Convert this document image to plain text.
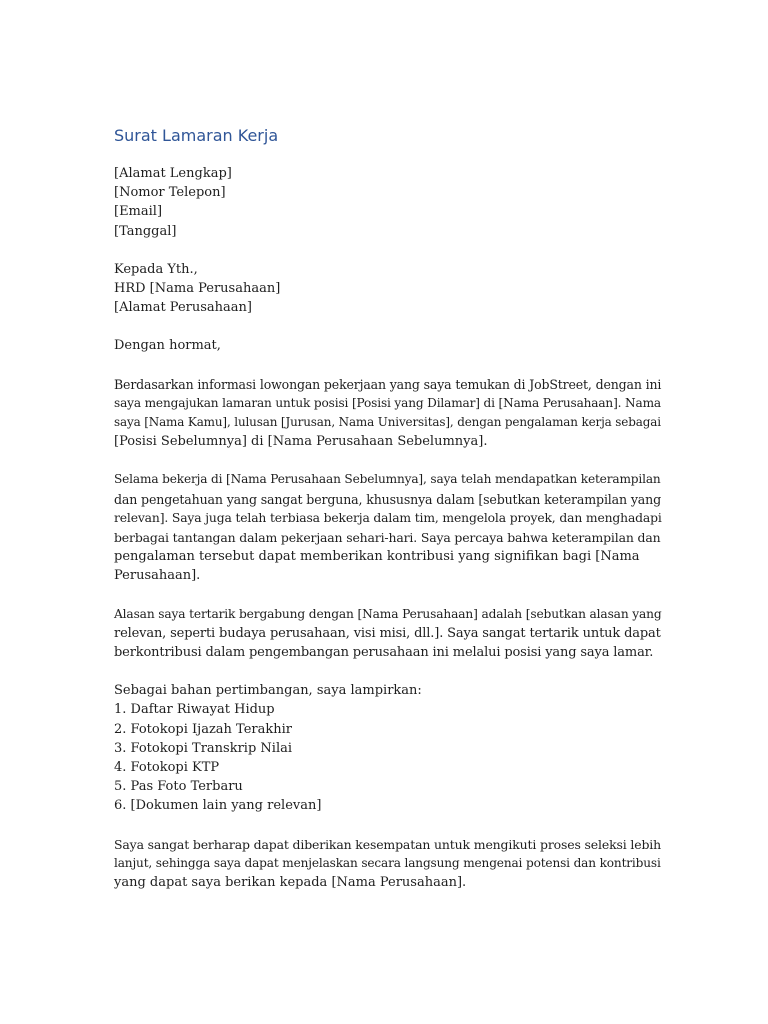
Surat Lamaran Kerja
[Alamat Lengkap]
[Nomor Telepon]
[Email]
[Tanggal]
Kepada Yth.,
HRD [Nama Perusahaan]
[Alamat Perusahaan]
Dengan hormat,
Berdasarkan informasi lowongan pekerjaan yang saya temukan di JobStreet, dengan ini
saya mengajukan lamaran untuk posisi [Posisi yang Dilamar] di [Nama Perusahaan]. Nama
saya [Nama Kamu], lulusan [Jurusan, Nama Universitas], dengan pengalaman kerja sebagai
[Posisi Sebelumnya] di [Nama Perusahaan Sebelumnya].
Selama bekerja di [Nama Perusahaan Sebelumnya], saya telah mendapatkan keterampilan
dan pengetahuan yang sangat berguna, khususnya dalam [sebutkan keterampilan yang
relevan]. Saya juga telah terbiasa bekerja dalam tim, mengelola proyek, dan menghadapi
berbagai tantangan dalam pekerjaan sehari-hari. Saya percaya bahwa keterampilan dan
pengalaman tersebut dapat memberikan kontribusi yang signifikan bagi [Nama
Perusahaan].
Alasan saya tertarik bergabung dengan [Nama Perusahaan] adalah [sebutkan alasan yang
relevan, seperti budaya perusahaan, visi misi, dll.]. Saya sangat tertarik untuk dapat
berkontribusi dalam pengembangan perusahaan ini melalui posisi yang saya lamar.
Sebagai bahan pertimbangan, saya lampirkan:
1. Daftar Riwayat Hidup
2. Fotokopi Ijazah Terakhir
3. Fotokopi Transkrip Nilai
4. Fotokopi KTP
5. Pas Foto Terbaru
6. [Dokumen lain yang relevan]
Saya sangat berharap dapat diberikan kesempatan untuk mengikuti proses seleksi lebih
lanjut, sehingga saya dapat menjelaskan secara langsung mengenai potensi dan kontribusi
yang dapat saya berikan kepada [Nama Perusahaan].
